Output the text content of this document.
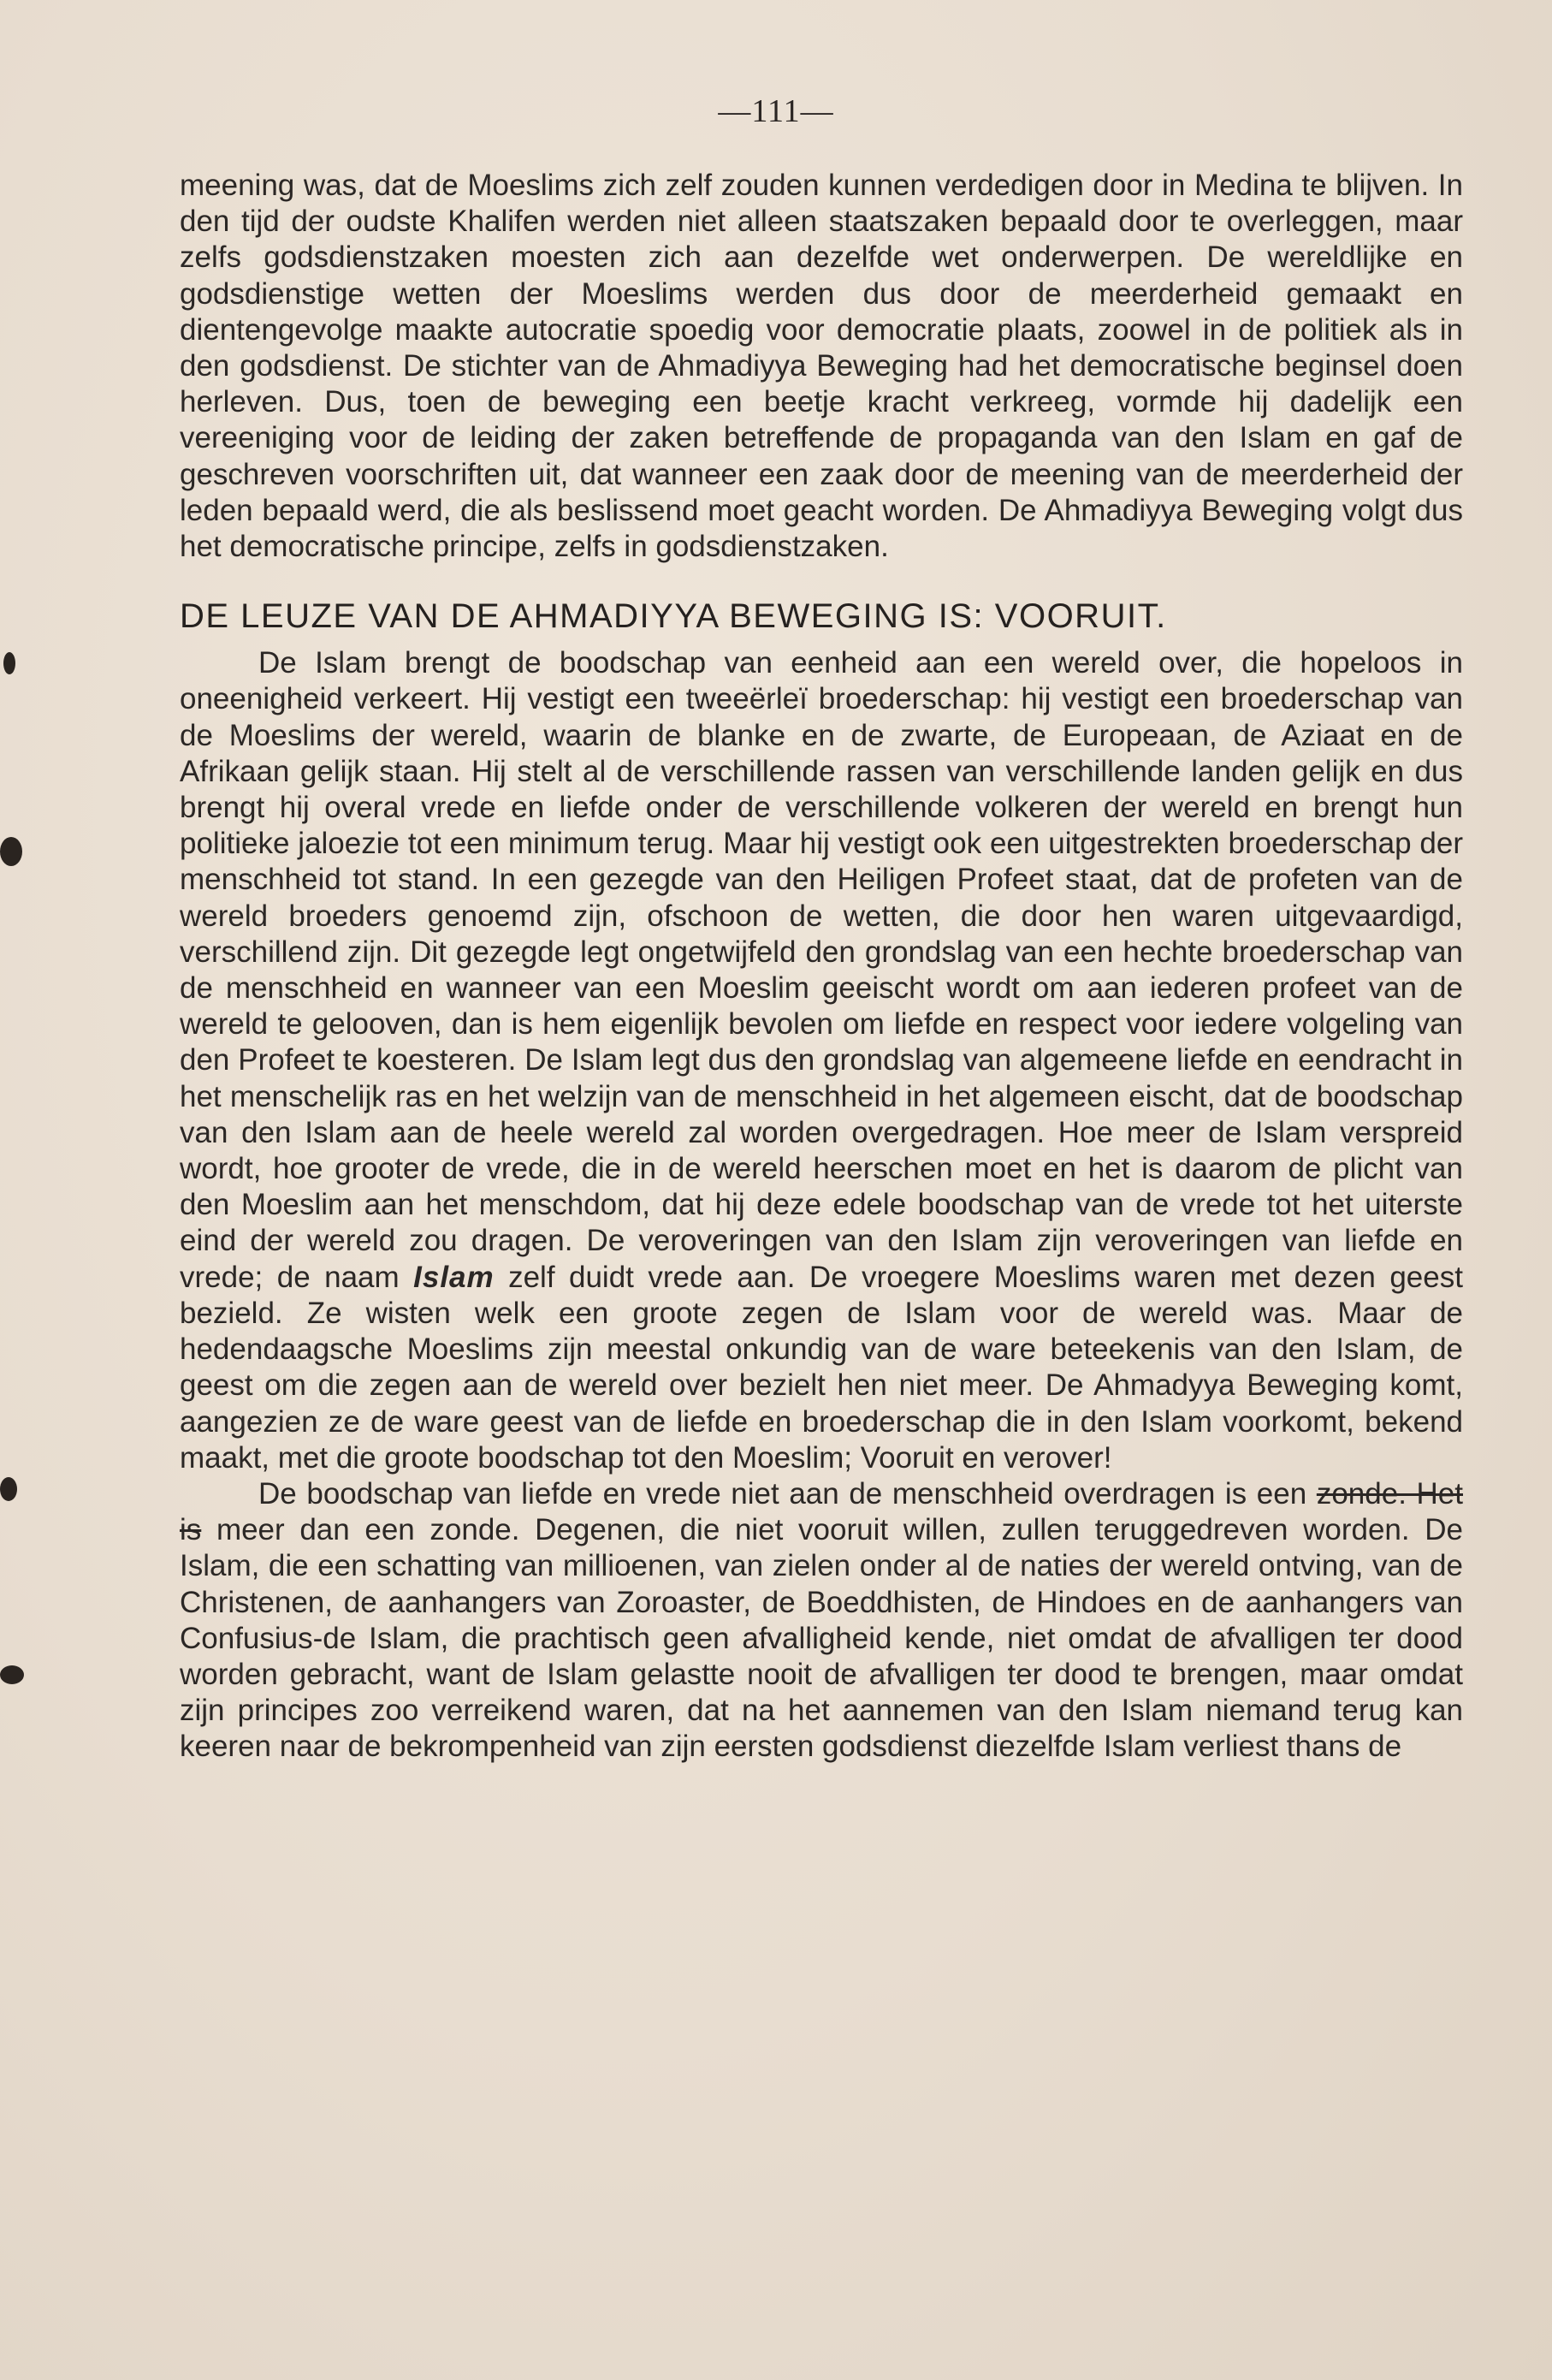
—111—

meening was, dat de Moeslims zich zelf zouden kunnen verdedigen door in Medina te blijven. In den tijd der oudste Khalifen werden niet alleen staatszaken bepaald door te overleggen, maar zelfs godsdienstzaken moesten zich aan dezelfde wet onderwerpen. De wereldlijke en godsdienstige wetten der Moeslims werden dus door de meerderheid gemaakt en dientengevolge maakte autocratie spoedig voor democratie plaats, zoowel in de politiek als in den godsdienst. De stichter van de Ahmadiyya Beweging had het democratische beginsel doen herleven. Dus, toen de beweging een beetje kracht verkreeg, vormde hij dadelijk een vereeniging voor de leiding der zaken betreffende de propaganda van den Islam en gaf de geschreven voorschriften uit, dat wanneer een zaak door de meening van de meerderheid der leden bepaald werd, die als beslissend moet geacht worden. De Ahmadiyya Beweging volgt dus het democratische principe, zelfs in godsdienstzaken.

DE LEUZE VAN DE AHMADIYYA BEWEGING IS: VOORUIT.

De Islam brengt de boodschap van eenheid aan een wereld over, die hopeloos in oneenigheid verkeert. Hij vestigt een tweeërleï broederschap: hij vestigt een broederschap van de Moeslims der wereld, waarin de blanke en de zwarte, de Europeaan, de Aziaat en de Afrikaan gelijk staan. Hij stelt al de verschillende rassen van verschillende landen gelijk en dus brengt hij overal vrede en liefde onder de verschillende volkeren der wereld en brengt hun politieke jaloezie tot een minimum terug. Maar hij vestigt ook een uitgestrekten broederschap der menschheid tot stand. In een gezegde van den Heiligen Profeet staat, dat de profeten van de wereld broeders genoemd zijn, ofschoon de wetten, die door hen waren uitgevaardigd, verschillend zijn. Dit gezegde legt ongetwijfeld den grondslag van een hechte broederschap van de menschheid en wanneer van een Moeslim geeischt wordt om aan iederen profeet van de wereld te gelooven, dan is hem eigenlijk bevolen om liefde en respect voor iedere volgeling van den Profeet te koesteren. De Islam legt dus den grondslag van algemeene liefde en eendracht in het menschelijk ras en het welzijn van de menschheid in het algemeen eischt, dat de boodschap van den Islam aan de heele wereld zal worden overgedragen. Hoe meer de Islam verspreid wordt, hoe grooter de vrede, die in de wereld heerschen moet en het is daarom de plicht van den Moeslim aan het menschdom, dat hij deze edele boodschap van de vrede tot het uiterste eind der wereld zou dragen. De veroveringen van den Islam zijn veroveringen van liefde en vrede; de naam Islam zelf duidt vrede aan. De vroegere Moeslims waren met dezen geest bezield. Ze wisten welk een groote zegen de Islam voor de wereld was. Maar de hedendaagsche Moeslims zijn meestal onkundig van de ware beteekenis van den Islam, de geest om die zegen aan de wereld over bezielt hen niet meer. De Ahmadyya Beweging komt, aangezien ze de ware geest van de liefde en broederschap die in den Islam voorkomt, bekend maakt, met die groote boodschap tot den Moeslim; Vooruit en verover!

De boodschap van liefde en vrede niet aan de menschheid overdragen is een zonde. Het is meer dan een zonde. Degenen, die niet vooruit willen, zullen teruggedreven worden. De Islam, die een schatting van millioenen, van zielen onder al de naties der wereld ontving, van de Christenen, de aanhangers van Zoroaster, de Boeddhisten, de Hindoes en de aanhangers van Confusius-de Islam, die prachtisch geen afvalligheid kende, niet omdat de afvalligen ter dood worden gebracht, want de Islam gelastte nooit de afvalligen ter dood te brengen, maar omdat zijn principes zoo verreikend waren, dat na het aannemen van den Islam niemand terug kan keeren naar de bekrompenheid van zijn eersten godsdienst diezelfde Islam verliest thans de
